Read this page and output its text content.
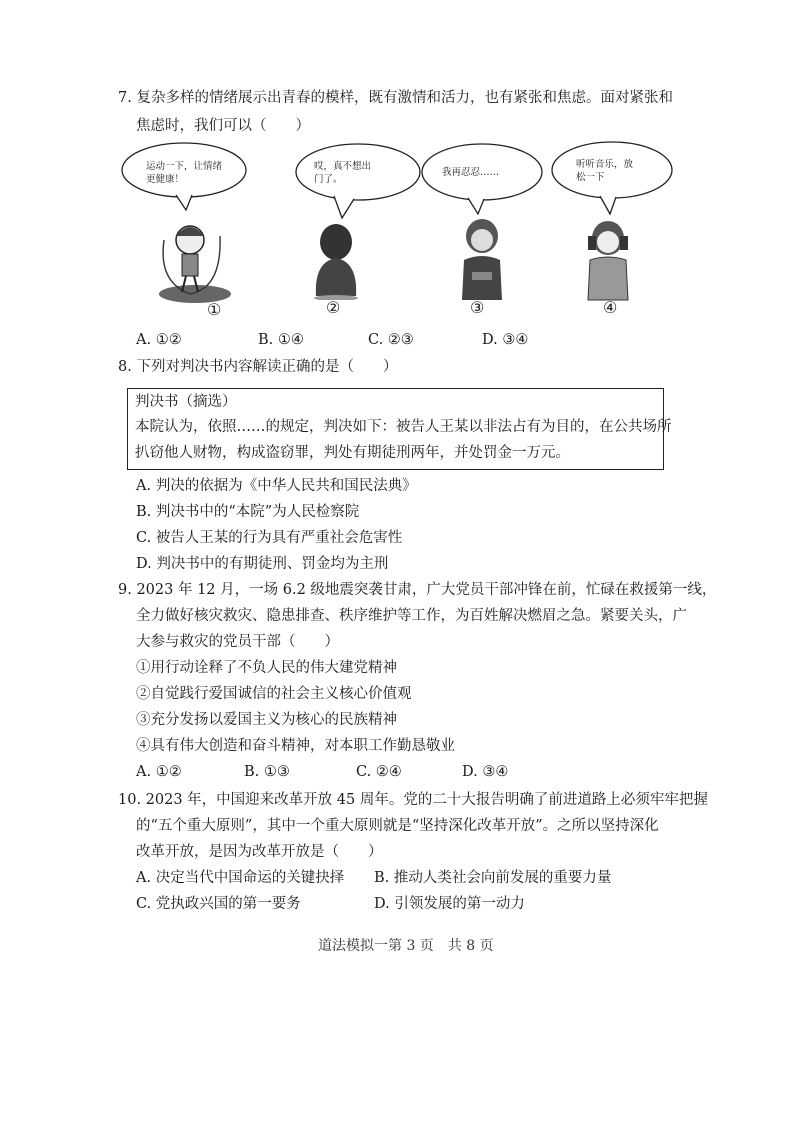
7. 复杂多样的情绪展示出青春的模样，既有激情和活力，也有紧张和焦虑。面对紧张和
焦虑时，我们可以（　　）
运动一下，让情绪
更健康！
哎，真不想出
门了。
我再忍忍……
听听音乐，放
松一下
①	②	③	④
A. ①②	B. ①④	C. ②③	D. ③④
8. 下列对判决书内容解读正确的是（　　）
判决书（摘选）
本院认为，依照……的规定，判决如下：被告人王某以非法占有为目的，在公共场所
扒窃他人财物，构成盗窃罪，判处有期徒刑两年，并处罚金一万元。
A. 判决的依据为《中华人民共和国民法典》
B. 判决书中的“本院”为人民检察院
C. 被告人王某的行为具有严重社会危害性
D. 判决书中的有期徒刑、罚金均为主刑
9. 2023 年 12 月，一场 6.2 级地震突袭甘肃，广大党员干部冲锋在前，忙碌在救援第一线，
全力做好核灾救灾、隐患排查、秩序维护等工作，为百姓解决燃眉之急。紧要关头，广
大参与救灾的党员干部（　　）
①用行动诠释了不负人民的伟大建党精神
②自觉践行爱国诚信的社会主义核心价值观
③充分发扬以爱国主义为核心的民族精神
④具有伟大创造和奋斗精神，对本职工作勤恳敬业
A. ①②	B. ①③	C. ②④	D. ③④
10. 2023 年，中国迎来改革开放 45 周年。党的二十大报告明确了前进道路上必须牢牢把握
的“五个重大原则”，其中一个重大原则就是“坚持深化改革开放”。之所以坚持深化
改革开放，是因为改革开放是（　　）
A. 决定当代中国命运的关键抉择 B. 推动人类社会向前发展的重要力量
C. 党执政兴国的第一要务	D. 引领发展的第一动力
道法模拟一第 3 页　共 8 页
